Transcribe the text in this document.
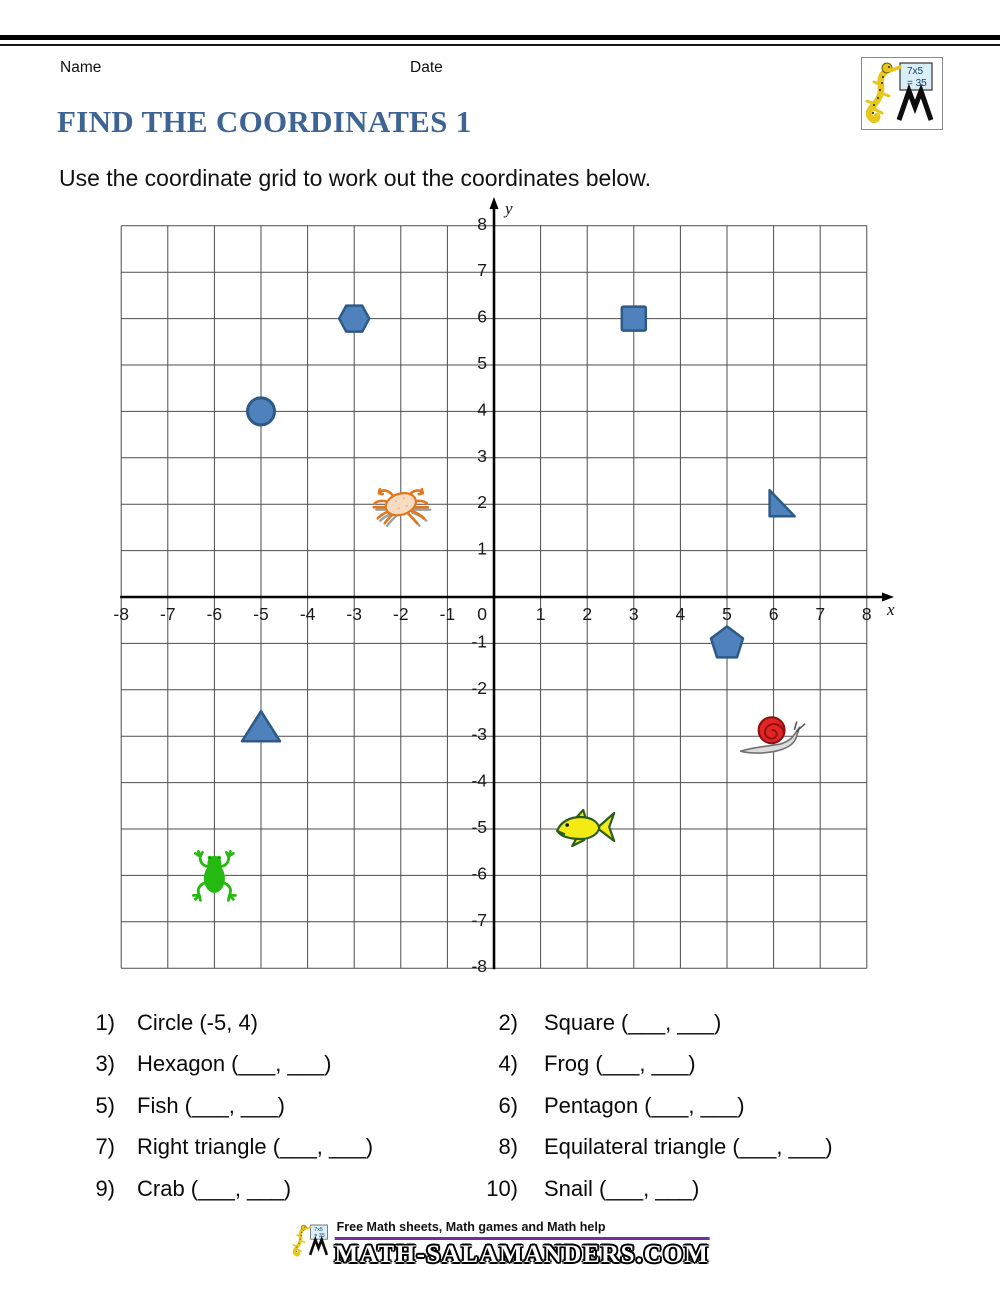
Name	Date	7x5
= 35
FIND THE COORDINATES 1
Use the coordinate grid to work out the coordinates below.
-8 -7 -6 -5 -4 -3 -2 -1 0	1 2 3 4 5 6 7 8
-8
-7
-6
-5
-4
-3
-2
-1
1
2
3
4
5
6
7
8
x
y
1) Circle (-5, 4)
3) Hexagon (___, ___)
5) Fish (___, ___)
7) Right triangle (___, ___)
9) Crab (___, ___)
2) Square (___, ___)
4) Frog (___, ___)
6) Pentagon (___, ___)
8) Equilateral triangle (___, ___)
10) Snail (___, ___)
7x5
= 35
Free Math sheets, Math games and Math help
MATH-SALAMANDERS.COM
